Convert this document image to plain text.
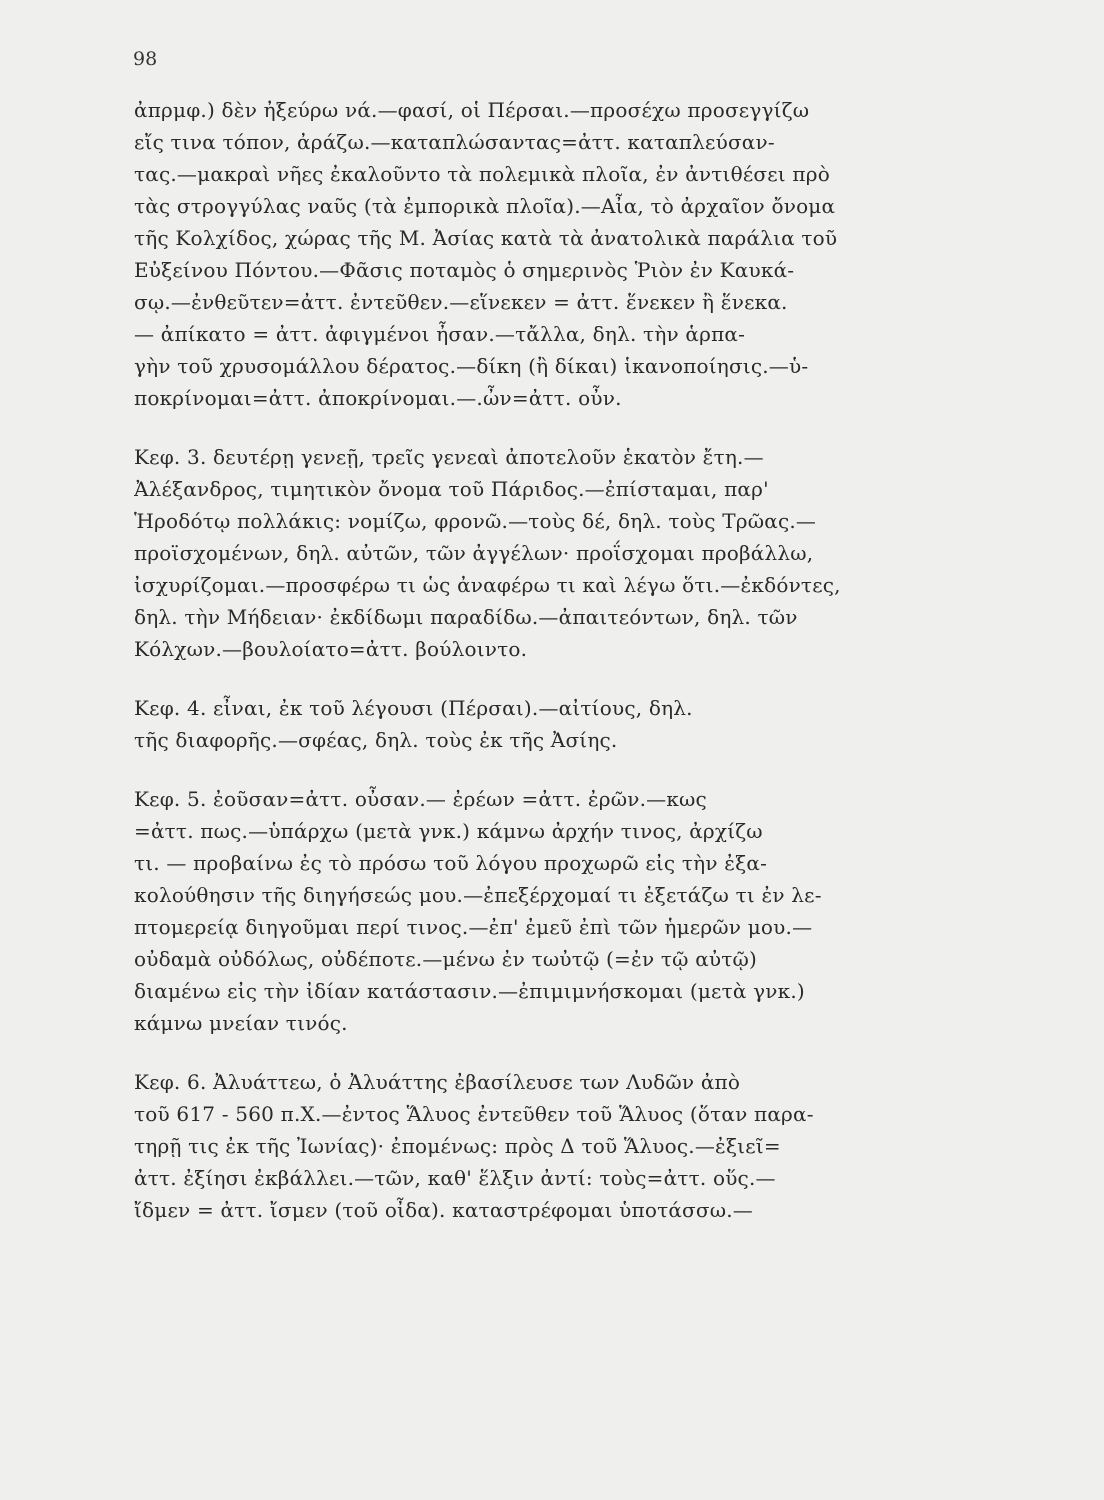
98
ἀπρμφ.) δὲν ἠξεύρω νά.—φασί, οἱ Πέρσαι.—προσέχω προσεγγίζω
εἴς τινα τόπον, ἀράζω.—καταπλώσαντας=ἀττ. καταπλεύσαν-
τας.—μακραὶ νῆες ἐκαλοῦντο τὰ πολεμικὰ πλοῖα, ἐν ἀντιθέσει πρὸ
τὰς στρογγύλας ναῦς (τὰ ἐμπορικὰ πλοῖα).—Αἶα, τὸ ἀρχαῖον ὄνομα
τῆς Κολχίδος, χώρας τῆς Μ. Ἀσίας κατὰ τὰ ἀνατολικὰ παράλια τοῦ
Εὐξείνου Πόντου.—Φᾶσις ποταμὸς ὁ σημερινὸς Ῥιὸν ἐν Καυκά-
σῳ.—ἐνθεῦτεν=ἀττ. ἐντεῦθεν.—εἵνεκεν = ἀττ. ἕνεκεν ἢ ἕνεκα.
— ἀπίκατο = ἀττ. ἀφιγμένοι ἦσαν.—τἄλλα, δηλ. τὴν ἁρπα-
γὴν τοῦ χρυσομάλλου δέρατος.—δίκη (ἢ δίκαι) ἱκανοποίησις.—ὑ-
ποκρίνομαι=ἀττ. ἀποκρίνομαι.—.ὦν=ἀττ. οὖν.
Κεφ. 3. δευτέρῃ γενεῇ, τρεῖς γενεαὶ ἀποτελοῦν ἑκατὸν ἔτη.—
Ἀλέξανδρος, τιμητικὸν ὄνομα τοῦ Πάριδος.—ἐπίσταμαι, παρ'
Ἡροδότῳ πολλάκις: νομίζω, φρονῶ.—τοὺς δέ, δηλ. τοὺς Τρῶας.—
προϊσχομένων, δηλ. αὐτῶν, τῶν ἀγγέλων· προΐσχομαι προβάλλω,
ἰσχυρίζομαι.—προσφέρω τι ὡς ἀναφέρω τι καὶ λέγω ὅτι.—ἐκδόντες,
δηλ. τὴν Μήδειαν· ἐκδίδωμι παραδίδω.—ἀπαιτεόντων, δηλ. τῶν
Κόλχων.—βουλοίατο=ἀττ. βούλοιντο.
Κεφ. 4. εἶναι, ἐκ τοῦ λέγουσι (Πέρσαι).—αἰτίους, δηλ.
τῆς διαφορῆς.—σφέας, δηλ. τοὺς ἐκ τῆς Ἀσίης.
Κεφ. 5. ἐοῦσαν=ἀττ. οὖσαν.— ἐρέων =ἀττ. ἐρῶν.—κως
=ἀττ. πως.—ὑπάρχω (μετὰ γνκ.) κάμνω ἀρχήν τινος, ἀρχίζω
τι. — προβαίνω ἐς τὸ πρόσω τοῦ λόγου προχωρῶ εἰς τὴν ἐξα-
κολούθησιν τῆς διηγήσεώς μου.—ἐπεξέρχομαί τι ἐξετάζω τι ἐν λε-
πτομερείᾳ διηγοῦμαι περί τινος.—ἐπ' ἐμεῦ ἐπὶ τῶν ἡμερῶν μου.—
οὐδαμὰ οὐδόλως, οὐδέποτε.—μένω ἐν τωὐτῷ (=ἐν τῷ αὐτῷ)
διαμένω εἰς τὴν ἰδίαν κατάστασιν.—ἐπιμιμνήσκομαι (μετὰ γνκ.)
κάμνω μνείαν τινός.
Κεφ. 6. Ἀλυάττεω, ὁ Ἀλυάττης ἐβασίλευσε των Λυδῶν ἀπὸ
τοῦ 617 - 560 π.Χ.—ἐντος Ἅλυος ἐντεῦθεν τοῦ Ἅλυος (ὅταν παρα-
τηρῇ τις ἐκ τῆς Ἰωνίας)· ἐπομένως: πρὸς Δ τοῦ Ἅλυος.—ἐξιεῖ=
ἀττ. ἐξίησι ἐκβάλλει.—τῶν, καθ' ἕλξιν ἀντί: τοὺς=ἀττ. οὕς.—
ἴδμεν = ἀττ. ἴσμεν (τοῦ οἶδα). καταστρέφομαι ὑποτάσσω.—
